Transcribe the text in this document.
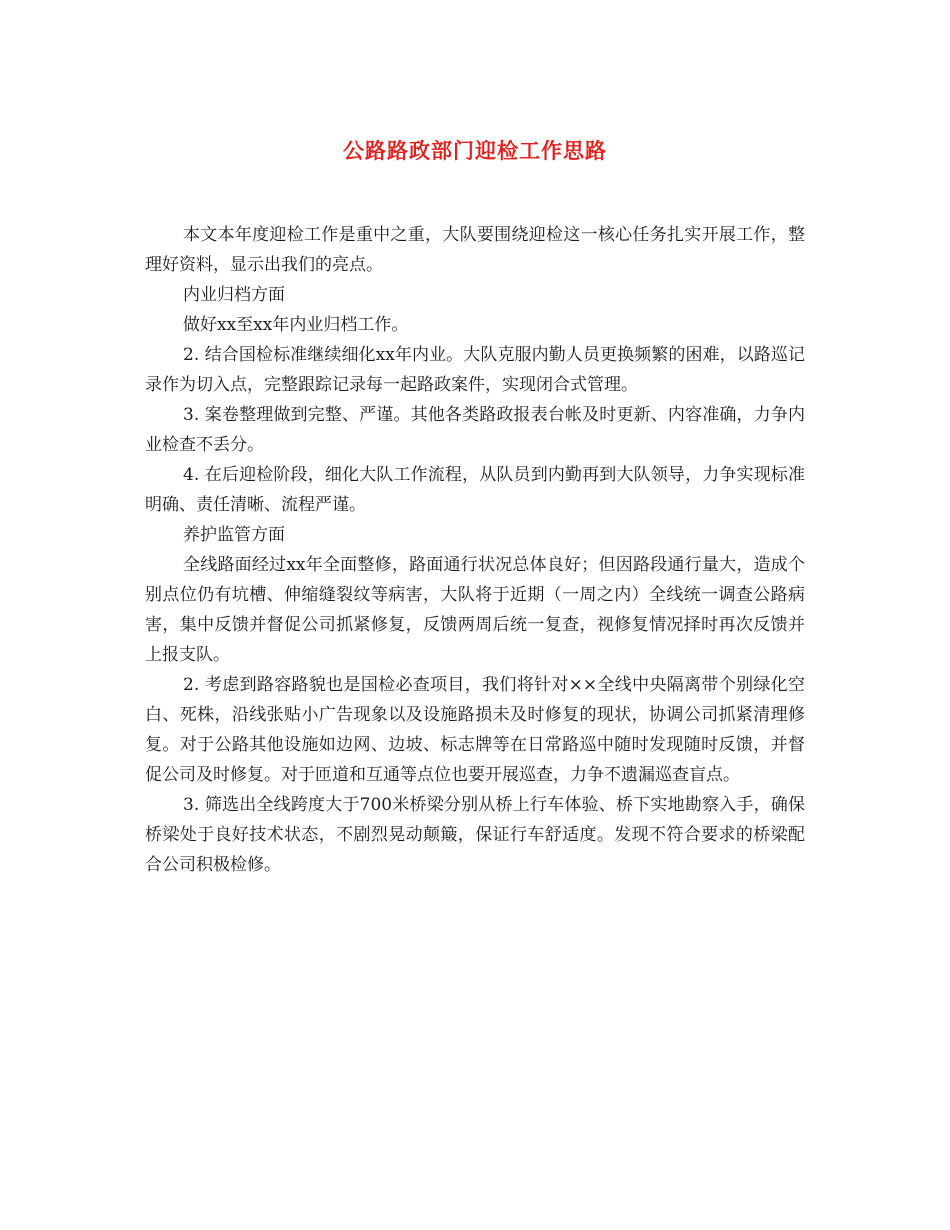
公路路政部门迎检工作思路

本文本年度迎检工作是重中之重，大队要围绕迎检这一核心任务扎实开展工作，整理好资料，显示出我们的亮点。

内业归档方面

做好xx至xx年内业归档工作。

2. 结合国检标准继续细化xx年内业。大队克服内勤人员更换频繁的困难，以路巡记录作为切入点，完整跟踪记录每一起路政案件，实现闭合式管理。

3. 案卷整理做到完整、严谨。其他各类路政报表台帐及时更新、内容准确，力争内业检查不丢分。

4. 在后迎检阶段，细化大队工作流程，从队员到内勤再到大队领导，力争实现标准明确、责任清晰、流程严谨。

养护监管方面

全线路面经过xx年全面整修，路面通行状况总体良好；但因路段通行量大，造成个别点位仍有坑槽、伸缩缝裂纹等病害，大队将于近期（一周之内）全线统一调查公路病害，集中反馈并督促公司抓紧修复，反馈两周后统一复查，视修复情况择时再次反馈并上报支队。

2. 考虑到路容路貌也是国检必查项目，我们将针对××全线中央隔离带个别绿化空白、死株，沿线张贴小广告现象以及设施路损未及时修复的现状，协调公司抓紧清理修复。对于公路其他设施如边网、边坡、标志牌等在日常路巡中随时发现随时反馈，并督促公司及时修复。对于匝道和互通等点位也要开展巡查，力争不遗漏巡查盲点。

3. 筛选出全线跨度大于700米桥梁分别从桥上行车体验、桥下实地勘察入手，确保桥梁处于良好技术状态，不剧烈晃动颠簸，保证行车舒适度。发现不符合要求的桥梁配合公司积极检修。
